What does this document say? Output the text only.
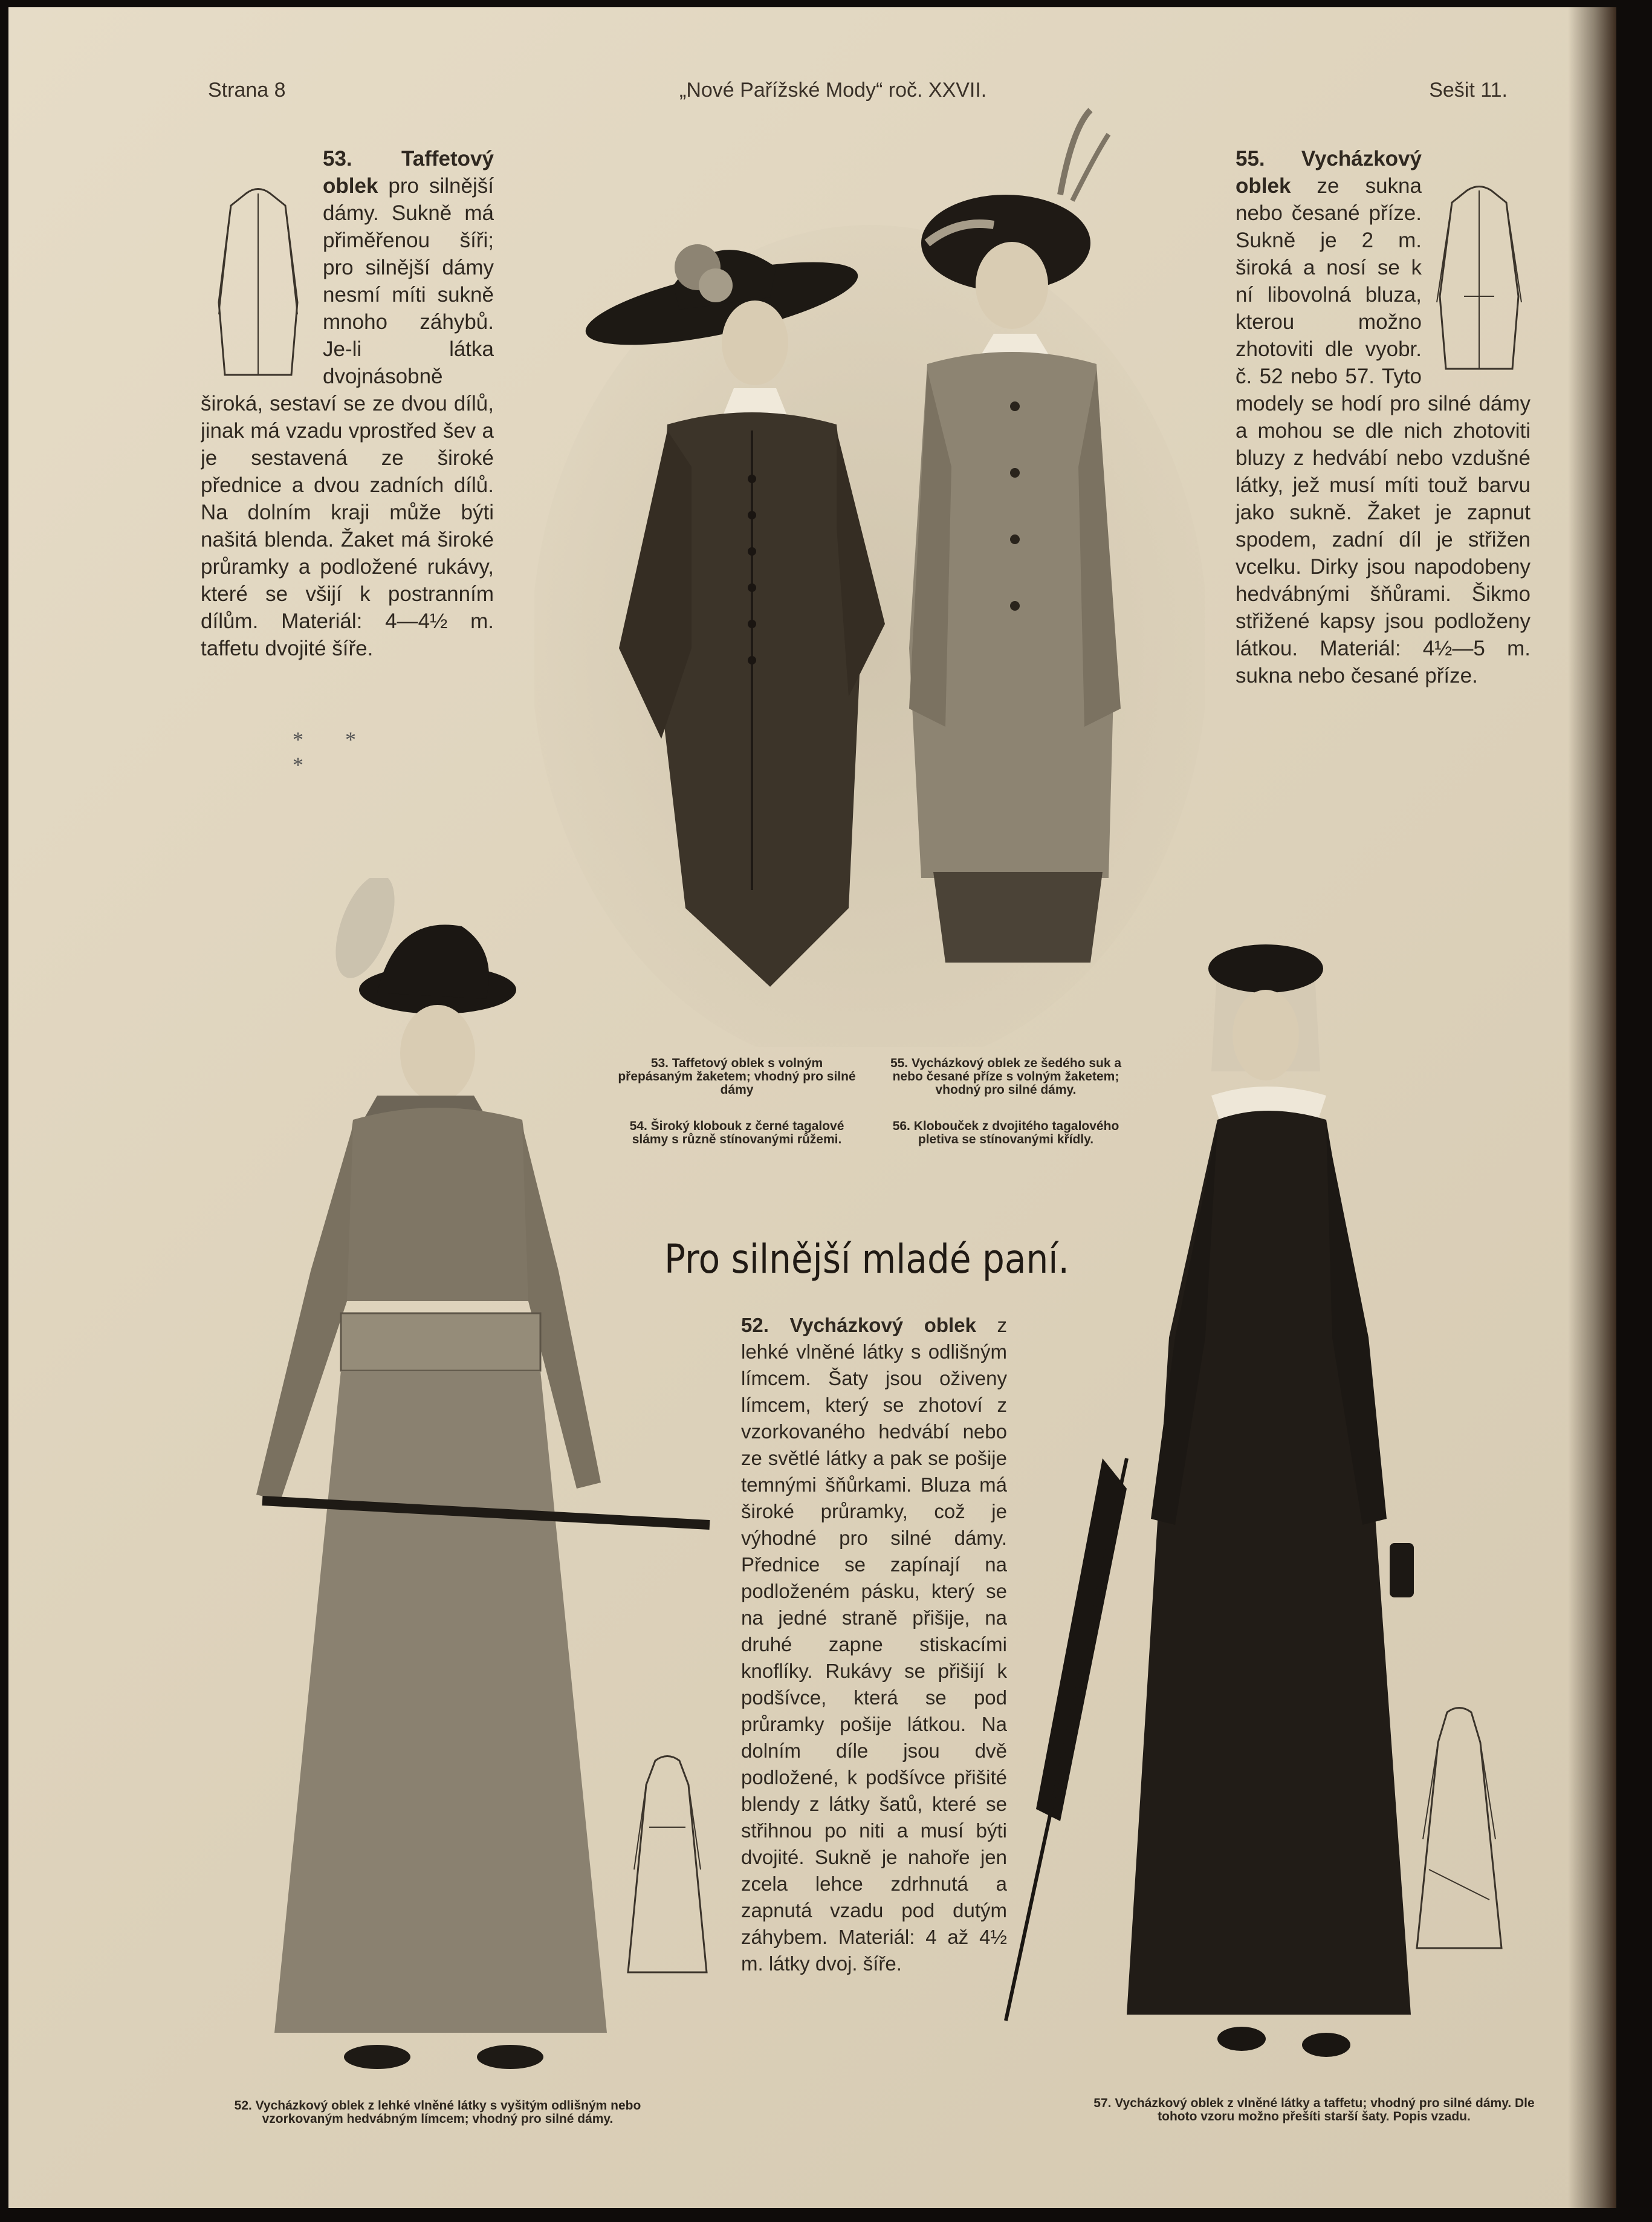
Strana 8	„Nové Pařížské Mody“ roč. XXVII.	Sešit 11.
53. Taffetový oblek pro silnější dámy. Sukně má přiměřenou šíři; pro silnější dámy nesmí míti sukně mnoho záhybů. Je-li látka dvojnásobně široká, sestaví se ze dvou dílů, jinak má vzadu vprostřed šev a je sestavená ze široké přednice a dvou zadních dílů. Na dolním kraji může býti našitá blenda. Žaket má široké průramky a podložené rukávy, které se všijí k postranním dílům. Materiál: 4—4½ m. taffetu dvojité šíře.
* * *
55. Vycházkový oblek ze sukna nebo česané příze. Sukně je 2 m. široká a nosí se k ní libovolná bluza, kterou možno zhotoviti dle vyobr. č. 52 nebo 57. Tyto modely se hodí pro silné dámy a mohou se dle nich zhotoviti bluzy z hedvábí nebo vzdušné látky, jež musí míti touž barvu jako sukně. Žaket je zapnut spodem, zadní díl je střižen vcelku. Dirky jsou napodobeny hedvábnými šňůrami. Šikmo střižené kapsy jsou podloženy látkou. Materiál: 4½—5 m. sukna nebo česané příze.
53. Taffetový oblek s volným přepásaným žaketem; vhodný pro silné dámy
54. Široký klobouk z černé tagalové slámy s různě stínovanými růžemi.
55. Vycházkový oblek ze šedého suk a nebo česané příze s volným žaketem; vhodný pro silné dámy.
56. Klobouček z dvojitého tagalového pletiva se stínovanými křídly.
Pro silnější mladé paní.
52. Vycházkový oblek z lehké vlněné látky s odlišným límcem. Šaty jsou oživeny límcem, který se zhotoví z vzorkovaného hedvábí nebo ze světlé látky a pak se pošije temnými šňůrkami. Bluza má široké průramky, což je výhodné pro silné dámy. Přednice se zapínají na podloženém pásku, který se na jedné straně přišije, na druhé zapne stiskacími knoflíky. Rukávy se přišijí k podšívce, která se pod průramky pošije látkou. Na dolním díle jsou dvě podložené, k podšívce přišité blendy z látky šatů, které se střihnou po niti a musí býti dvojité. Sukně je nahoře jen zcela lehce zdrhnutá a zapnutá vzadu pod dutým záhybem. Materiál: 4 až 4½ m. látky dvoj. šíře.
52. Vycházkový oblek z lehké vlněné látky s vyšitým odlišným nebo vzorkovaným hedvábným límcem; vhodný pro silné dámy.
57. Vycházkový oblek z vlněné látky a taffetu; vhodný pro silné dámy. Dle tohoto vzoru možno přešíti starší šaty. Popis vzadu.
